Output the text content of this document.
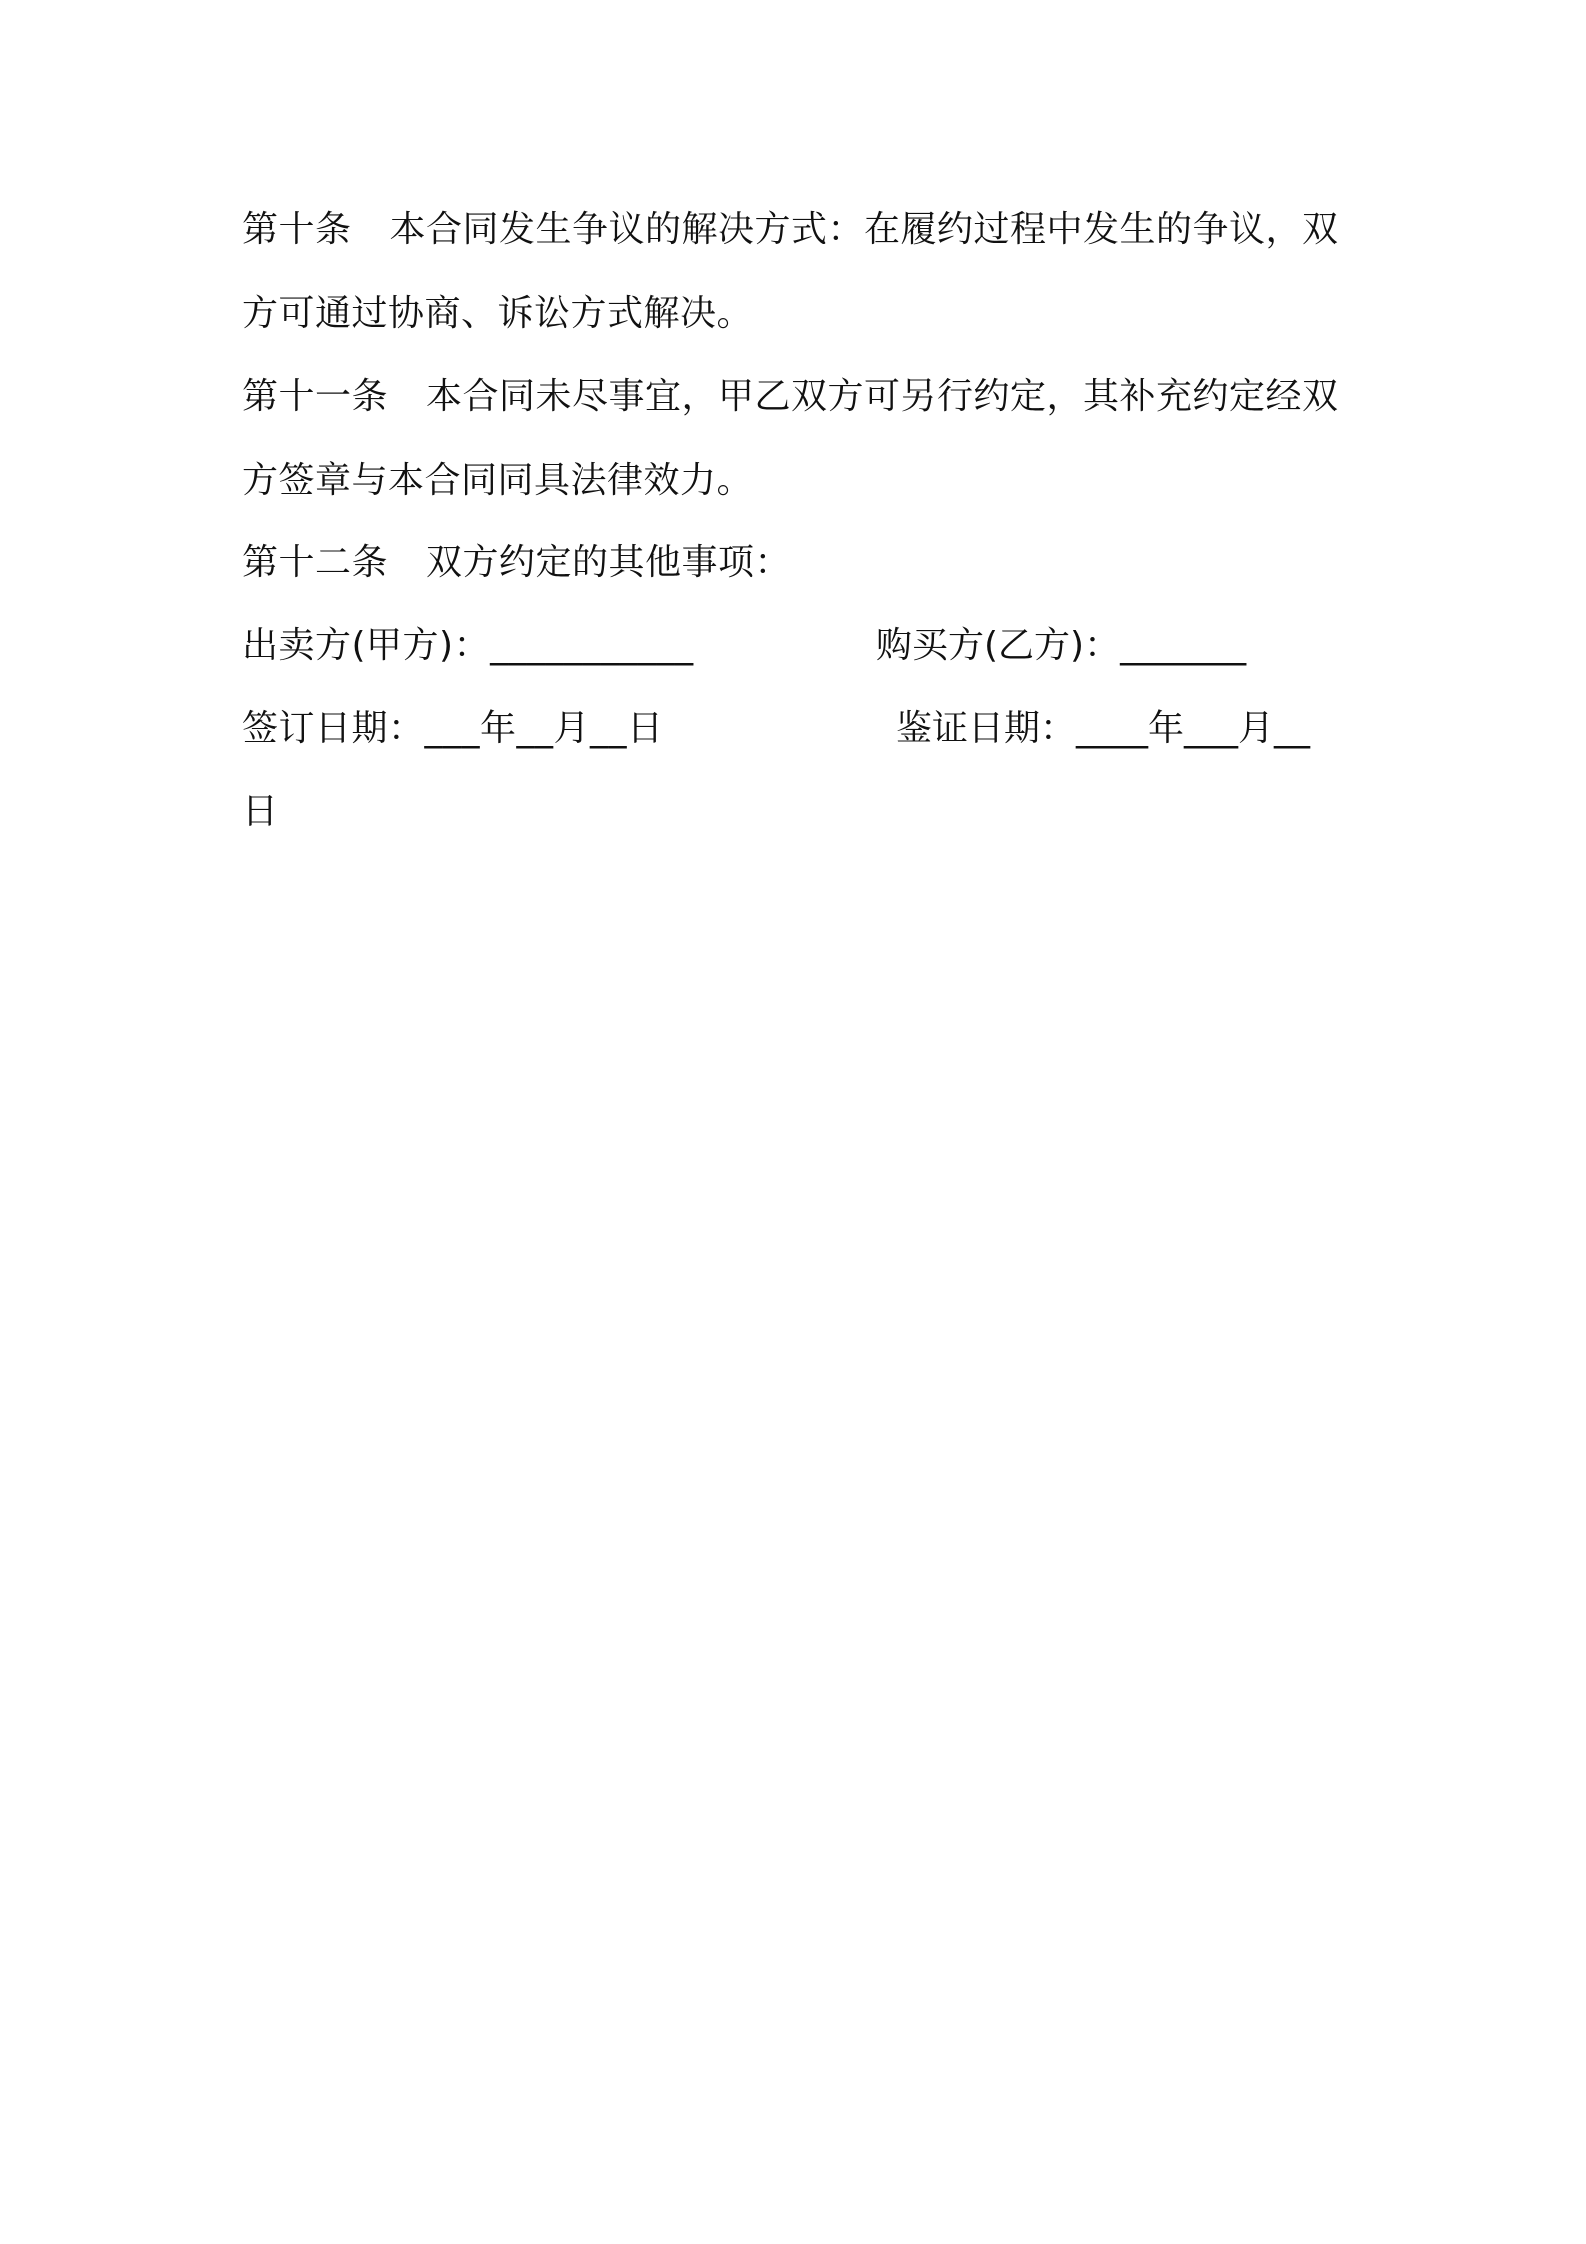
第十条 本合同发生争议的解决方式：在履约过程中发生的争议，双
方可通过协商、诉讼方式解决。
第十一条 本合同未尽事宜，甲乙双方可另行约定，其补充约定经双
方签章与本合同同具法律效力。
第十二条 双方约定的其他事项：
出卖方(甲方)：___________	购买方(乙方)：_______
签订日期：___年__月__日	鉴证日期：____年___月__
日
